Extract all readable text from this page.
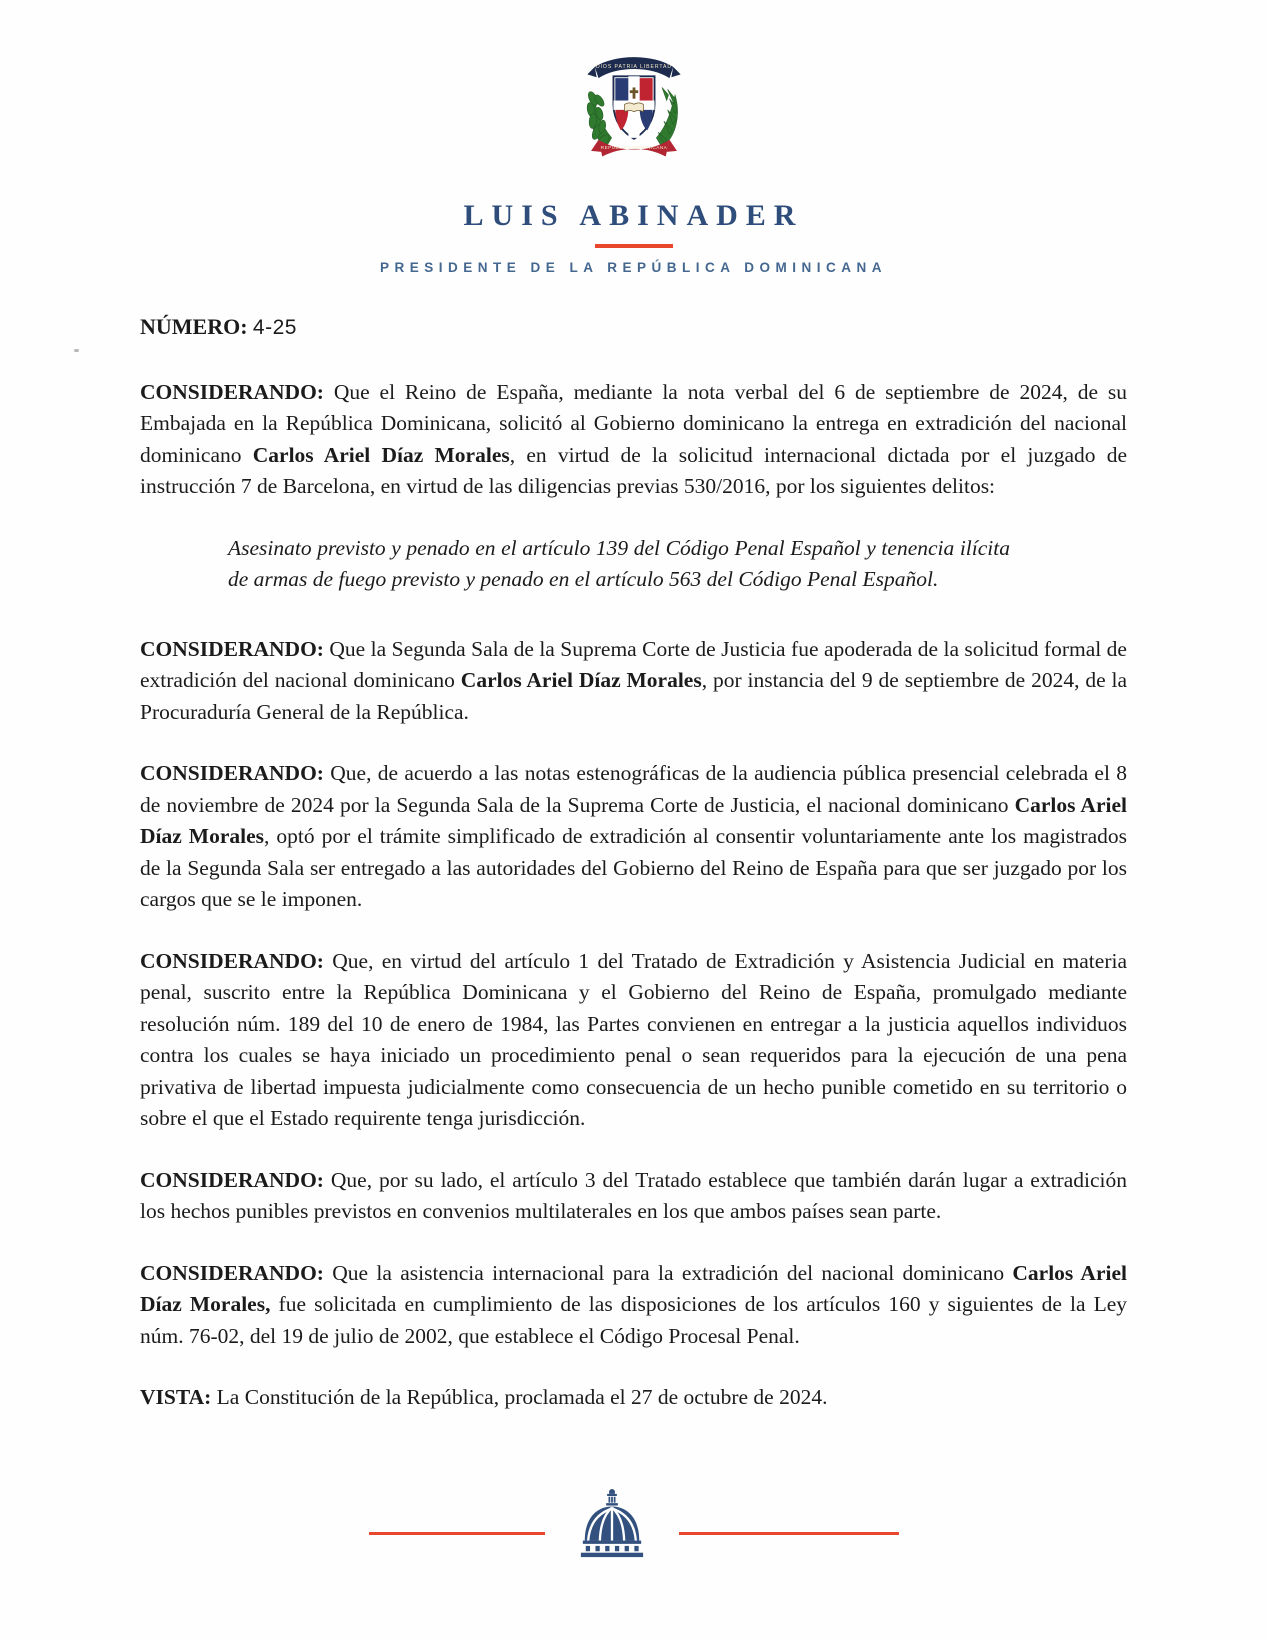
DIOS PATRIA LIBERTAD
REPÚBLICA DOMINICANA
LUIS ABINADER
PRESIDENTE DE LA REPÚBLICA DOMINICANA
NÚMERO: 4-25

CONSIDERANDO: Que el Reino de España, mediante la nota verbal del 6 de septiembre de 2024, de su Embajada en la República Dominicana, solicitó al Gobierno dominicano la entrega en extradición del nacional dominicano Carlos Ariel Díaz Morales, en virtud de la solicitud internacional dictada por el juzgado de instrucción 7 de Barcelona, en virtud de las diligencias previas 530/2016, por los siguientes delitos:

Asesinato previsto y penado en el artículo 139 del Código Penal Español y tenencia ilícita de armas de fuego previsto y penado en el artículo 563 del Código Penal Español.

CONSIDERANDO: Que la Segunda Sala de la Suprema Corte de Justicia fue apoderada de la solicitud formal de extradición del nacional dominicano Carlos Ariel Díaz Morales, por instancia del 9 de septiembre de 2024, de la Procuraduría General de la República.

CONSIDERANDO: Que, de acuerdo a las notas estenográficas de la audiencia pública presencial celebrada el 8 de noviembre de 2024 por la Segunda Sala de la Suprema Corte de Justicia, el nacional dominicano Carlos Ariel Díaz Morales, optó por el trámite simplificado de extradición al consentir voluntariamente ante los magistrados de la Segunda Sala ser entregado a las autoridades del Gobierno del Reino de España para que ser juzgado por los cargos que se le imponen.

CONSIDERANDO: Que, en virtud del artículo 1 del Tratado de Extradición y Asistencia Judicial en materia penal, suscrito entre la República Dominicana y el Gobierno del Reino de España, promulgado mediante resolución núm. 189 del 10 de enero de 1984, las Partes convienen en entregar a la justicia aquellos individuos contra los cuales se haya iniciado un procedimiento penal o sean requeridos para la ejecución de una pena privativa de libertad impuesta judicialmente como consecuencia de un hecho punible cometido en su territorio o sobre el que el Estado requirente tenga jurisdicción.

CONSIDERANDO: Que, por su lado, el artículo 3 del Tratado establece que también darán lugar a extradición los hechos punibles previstos en convenios multilaterales en los que ambos países sean parte.

CONSIDERANDO: Que la asistencia internacional para la extradición del nacional dominicano Carlos Ariel Díaz Morales, fue solicitada en cumplimiento de las disposiciones de los artículos 160 y siguientes de la Ley núm. 76-02, del 19 de julio de 2002, que establece el Código Procesal Penal.

VISTA: La Constitución de la República, proclamada el 27 de octubre de 2024.
